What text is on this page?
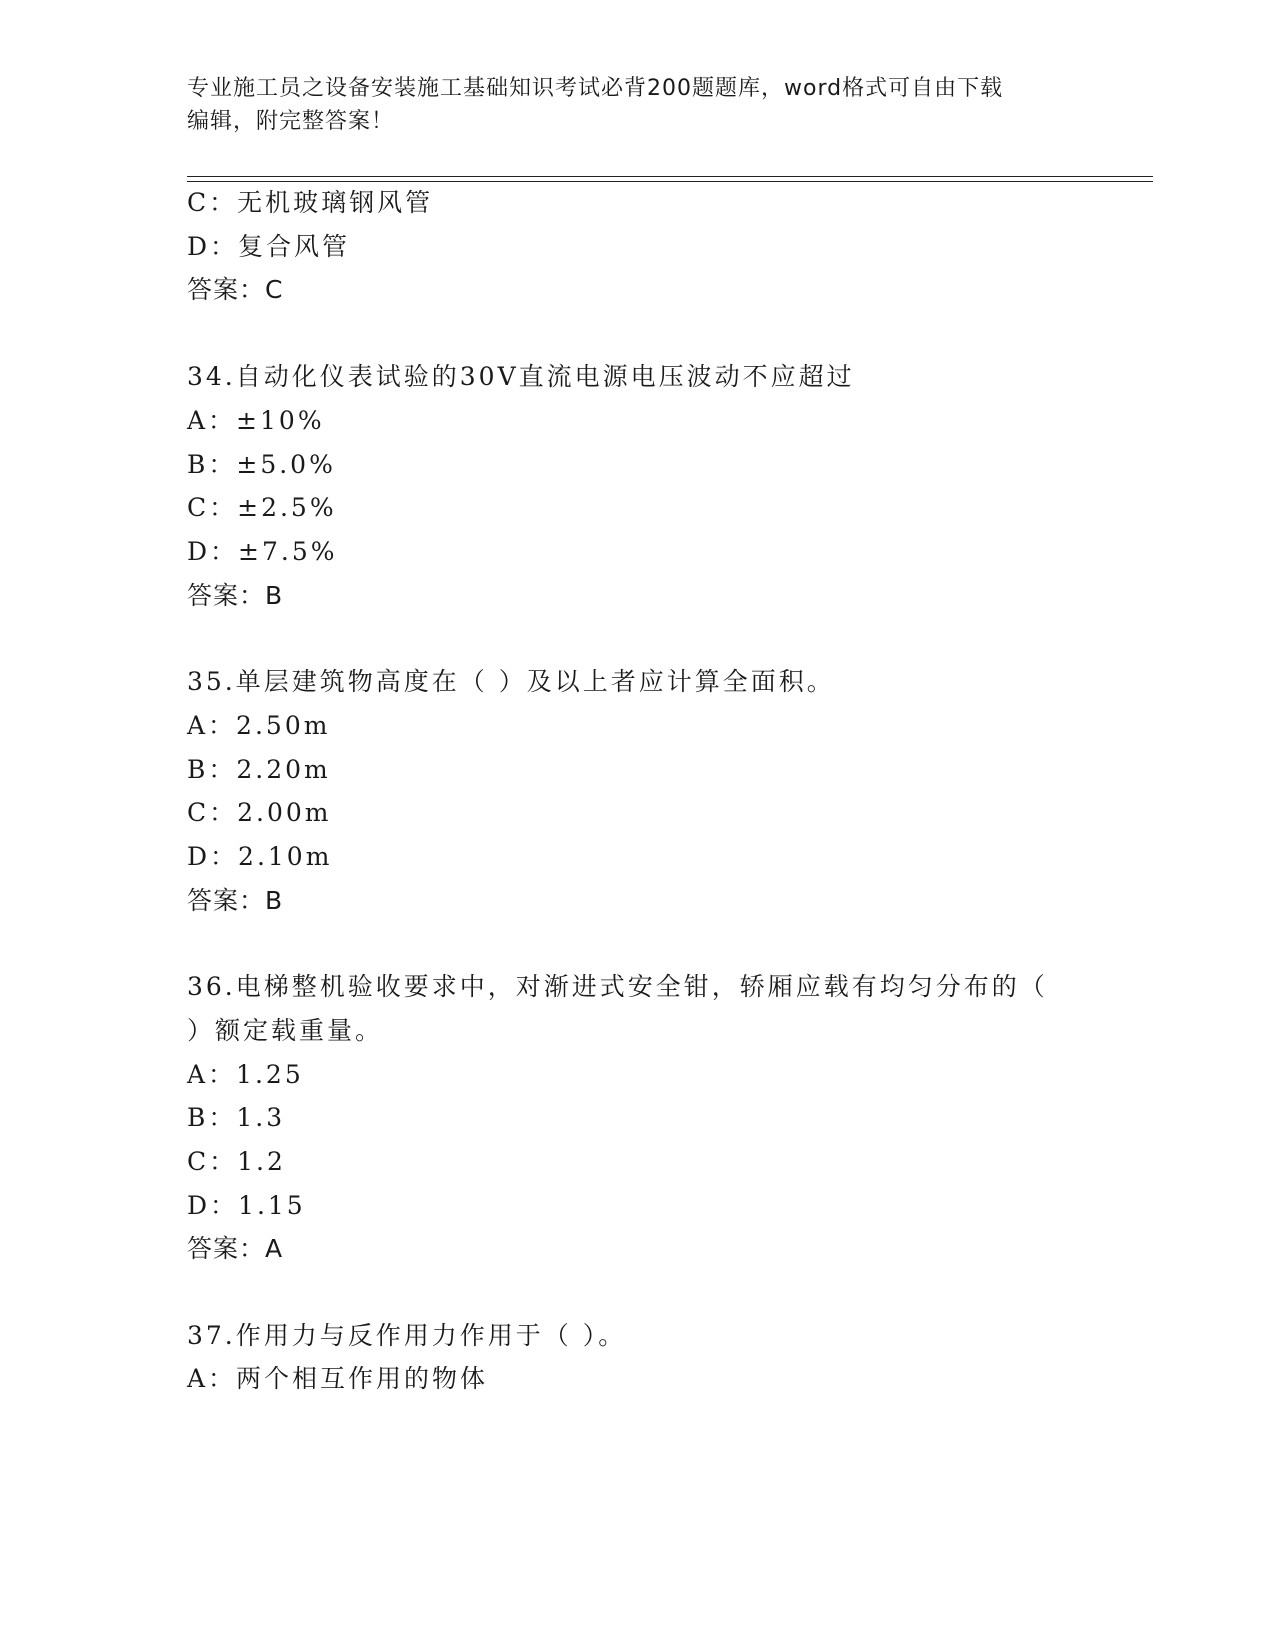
专业施工员之设备安装施工基础知识考试必背200题题库，word格式可自由下载
编辑，附完整答案！
C：无机玻璃钢风管
D：复合风管
答案：C
34.自动化仪表试验的30V直流电源电压波动不应超过
A：±10%
B：±5.0%
C：±2.5%
D：±7.5%
答案：B
35.单层建筑物高度在（ ）及以上者应计算全面积。
A：2.50m
B：2.20m
C：2.00m
D：2.10m
答案：B
36.电梯整机验收要求中，对渐进式安全钳，轿厢应载有均匀分布的（
）额定载重量。
A：1.25
B：1.3
C：1.2
D：1.15
答案：A
37.作用力与反作用力作用于（ ）。
A：两个相互作用的物体
